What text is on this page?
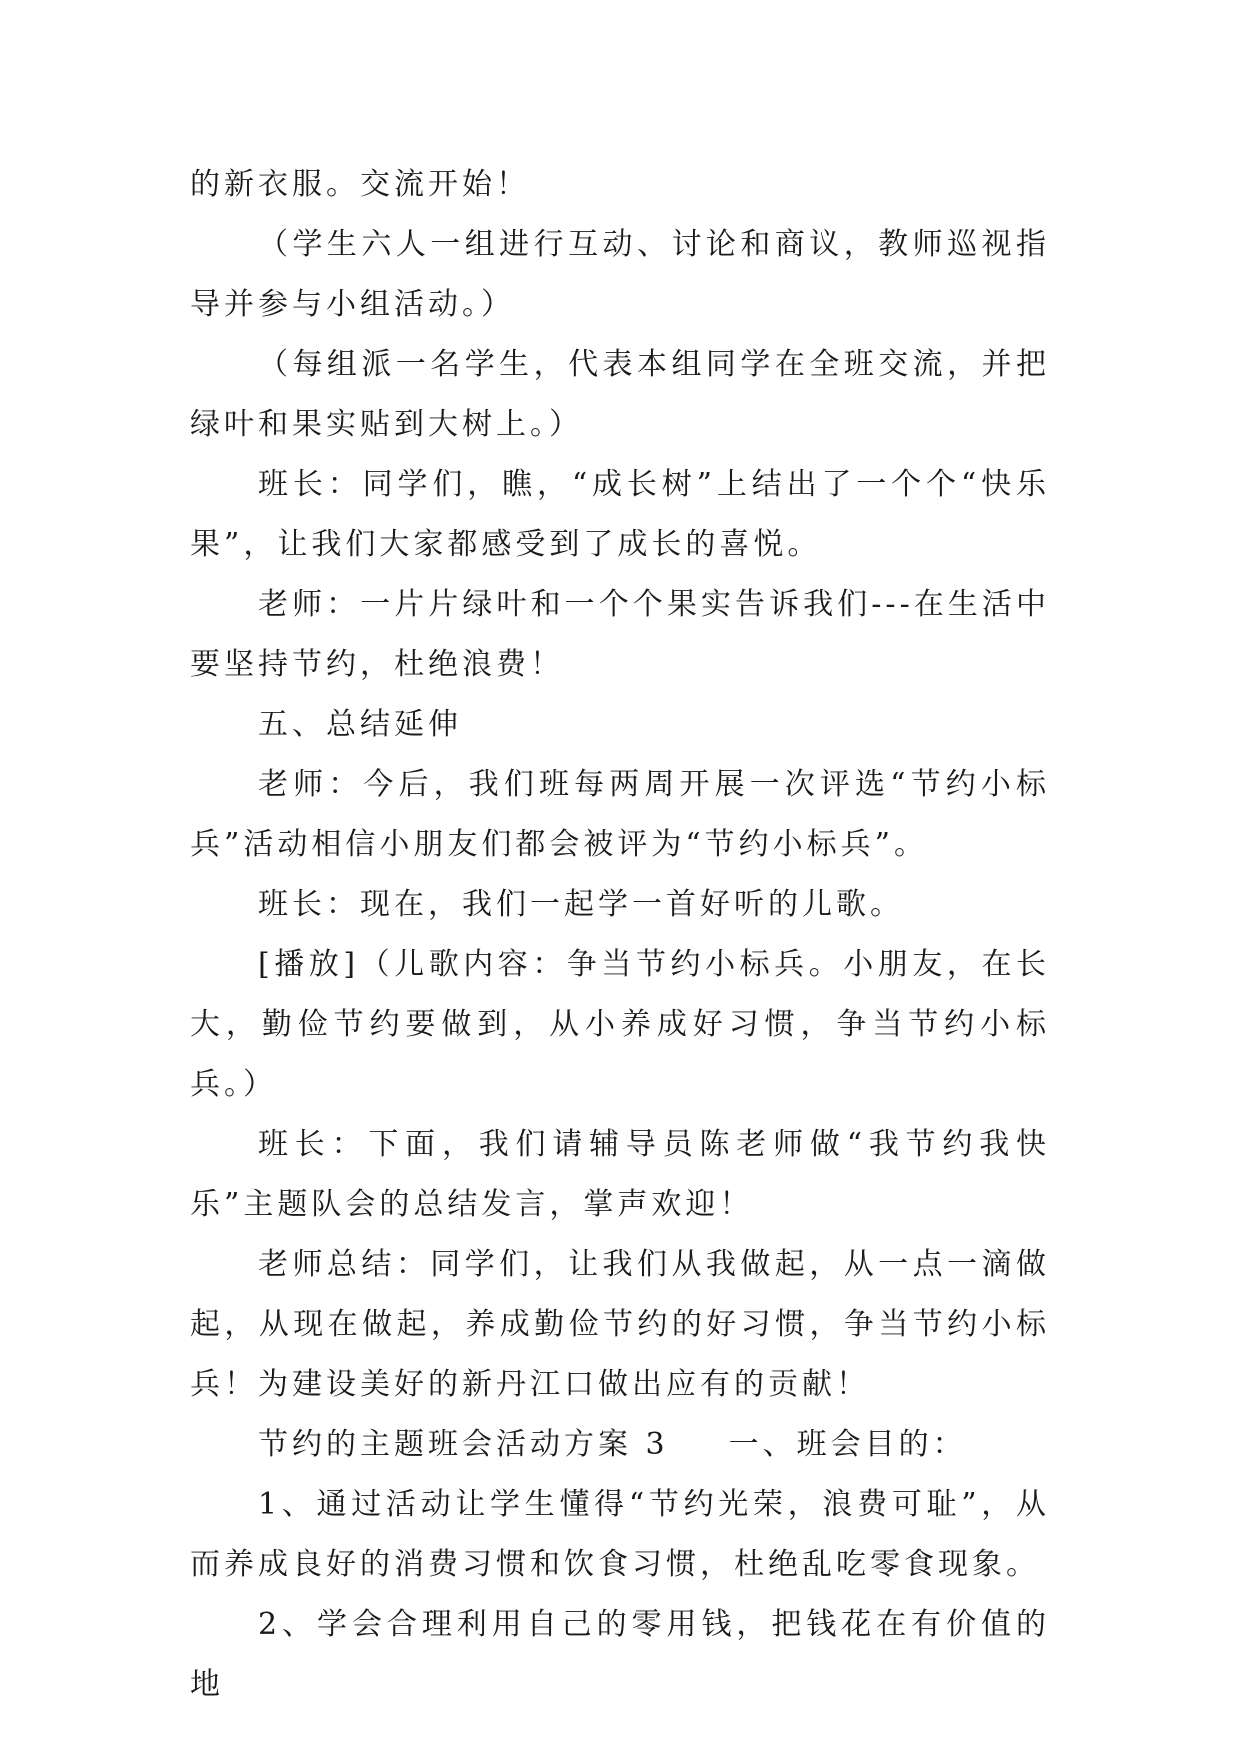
的新衣服。交流开始！

（学生六人一组进行互动、讨论和商议，教师巡视指导并参与小组活动。）

（每组派一名学生，代表本组同学在全班交流，并把绿叶和果实贴到大树上。）

班长：同学们，瞧，“成长树”上结出了一个个“快乐果”，让我们大家都感受到了成长的喜悦。

老师：一片片绿叶和一个个果实告诉我们---在生活中要坚持节约，杜绝浪费！

五、总结延伸

老师：今后，我们班每两周开展一次评选“节约小标兵”活动相信小朋友们都会被评为“节约小标兵”。

班长：现在，我们一起学一首好听的儿歌。

[播放]（儿歌内容：争当节约小标兵。小朋友，在长大，勤俭节约要做到，从小养成好习惯，争当节约小标兵。）

班长：下面，我们请辅导员陈老师做“我节约我快乐”主题队会的总结发言，掌声欢迎！

老师总结：同学们，让我们从我做起，从一点一滴做起，从现在做起，养成勤俭节约的好习惯，争当节约小标兵！为建设美好的新丹江口做出应有的贡献！

节约的主题班会活动方案 3 一、班会目的：

1、通过活动让学生懂得“节约光荣，浪费可耻”，从而养成良好的消费习惯和饮食习惯，杜绝乱吃零食现象。

2、学会合理利用自己的零用钱，把钱花在有价值的地
